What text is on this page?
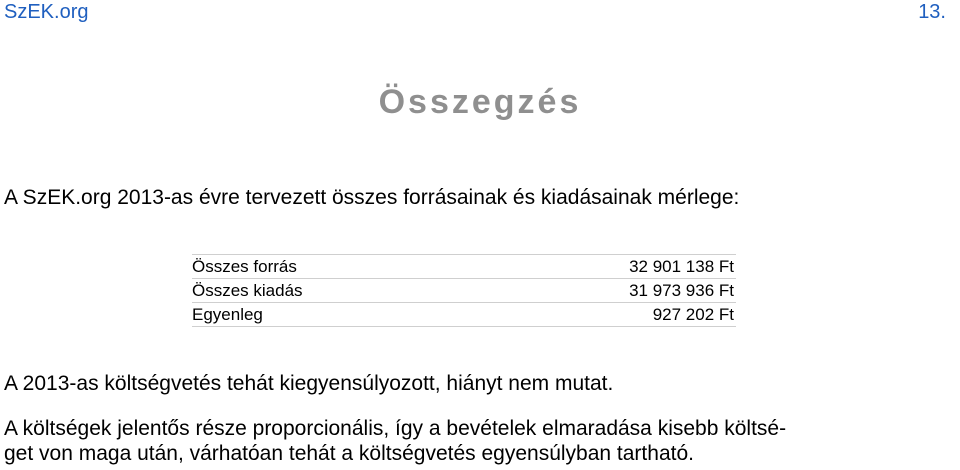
SzEK.org	13.
Összegzés
A SzEK.org 2013-as évre tervezett összes forrásainak és kiadásainak mérlege:
Összes forrás	32 901 138 Ft
Összes kiadás	31 973 936 Ft
Egyenleg	927 202 Ft
A 2013-as költségvetés tehát kiegyensúlyozott, hiányt nem mutat.
A költségek jelentős része proporcionális, így a bevételek elmaradása kisebb költsé-
get von maga után, várhatóan tehát a költségvetés egyensúlyban tartható.
